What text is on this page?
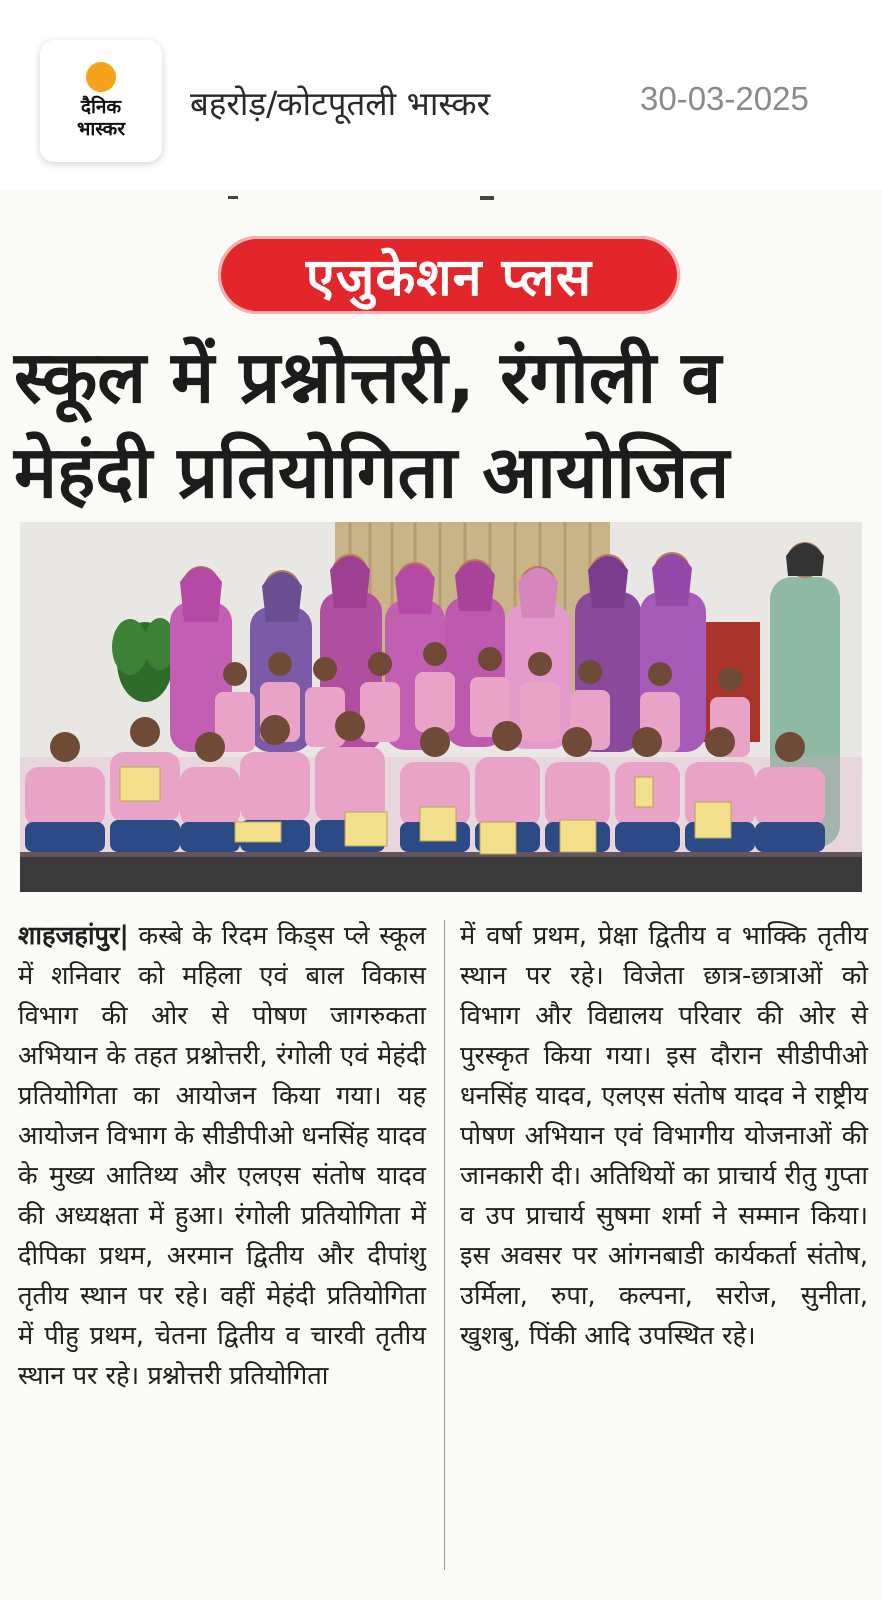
दैनिक
भास्कर
बहरोड़/कोटपूतली भास्कर	30-03-2025
एजुकेशन प्लस
स्कूल में प्रश्नोत्तरी, रंगोली व
मेहंदी प्रतियोगिता आयोजित
शाहजहांपुर| कस्बे के रिदम किड्स प्ले स्कूल में शनिवार को महिला एवं बाल विकास विभाग की ओर से पोषण जागरुकता अभियान के तहत प्रश्नोत्तरी, रंगोली एवं मेहंदी प्रतियोगिता का आयोजन किया गया। यह आयोजन विभाग के सीडीपीओ धनसिंह यादव के मुख्य आतिथ्य और एलएस संतोष यादव की अध्यक्षता में हुआ। रंगोली प्रतियोगिता में दीपिका प्रथम, अरमान द्वितीय और दीपांशु तृतीय स्थान पर रहे। वहीं मेहंदी प्रतियोगिता में पीहु प्रथम, चेतना द्वितीय व चारवी तृतीय स्थान पर रहे। प्रश्नोत्तरी प्रतियोगिता
में वर्षा प्रथम, प्रेक्षा द्वितीय व भाक्कि तृतीय स्थान पर रहे। विजेता छात्र-छात्राओं को विभाग और विद्यालय परिवार की ओर से पुरस्कृत किया गया। इस दौरान सीडीपीओ धनसिंह यादव, एलएस संतोष यादव ने राष्ट्रीय पोषण अभियान एवं विभागीय योजनाओं की जानकारी दी। अतिथियों का प्राचार्य रीतु गुप्ता व उप प्राचार्य सुषमा शर्मा ने सम्मान किया। इस अवसर पर आंगनबाडी कार्यकर्ता संतोष, उर्मिला, रुपा, कल्पना, सरोज, सुनीता, खुशबु, पिंकी आदि उपस्थित रहे।
